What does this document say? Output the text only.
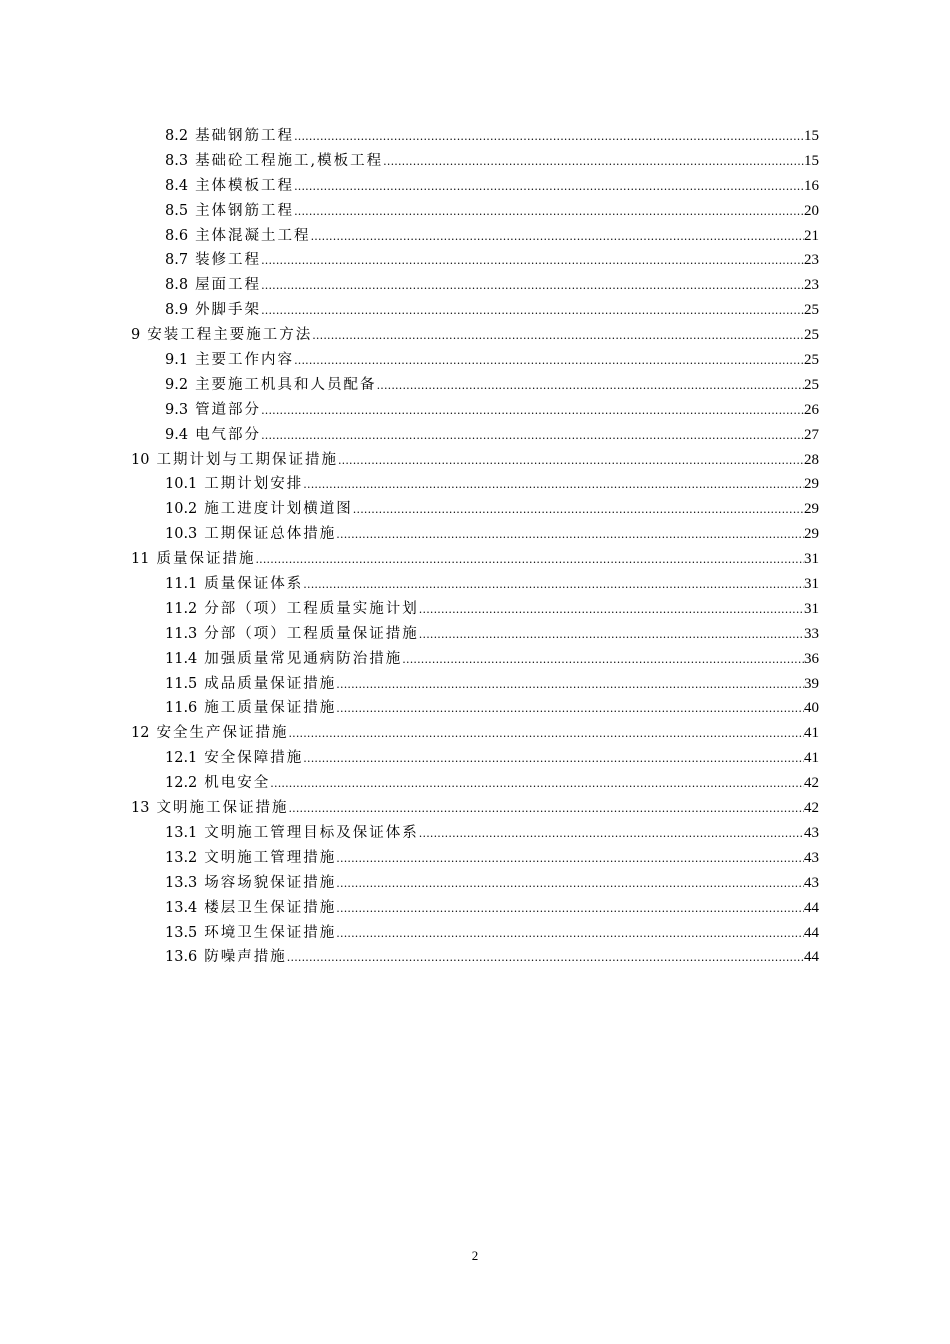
8.2 基础钢筋工程 .....	15
8.3 基础砼工程施工,模板工程 .....	15
8.4 主体模板工程 .....	16
8.5 主体钢筋工程 .....	20
8.6 主体混凝土工程 .....	21
8.7 装修工程 .....	23
8.8 屋面工程 .....	23
8.9 外脚手架 .....	25
9 安装工程主要施工方法 .....	25
9.1 主要工作内容 .....	25
9.2 主要施工机具和人员配备 .....	25
9.3 管道部分 .....	26
9.4 电气部分 .....	27
10 工期计划与工期保证措施 .....	28
10.1 工期计划安排 .....	29
10.2 施工进度计划横道图 .....	29
10.3 工期保证总体措施 .....	29
11 质量保证措施 .....	31
11.1 质量保证体系 .....	31
11.2 分部（项）工程质量实施计划 .....	31
11.3 分部（项）工程质量保证措施 .....	33
11.4 加强质量常见通病防治措施 .....	36
11.5 成品质量保证措施 .....	39
11.6 施工质量保证措施 .....	40
12 安全生产保证措施 .....	41
12.1 安全保障措施 .....	41
12.2 机电安全 .....	42
13 文明施工保证措施 .....	42
13.1 文明施工管理目标及保证体系 .....	43
13.2 文明施工管理措施 .....	43
13.3 场容场貌保证措施 .....	43
13.4 楼层卫生保证措施 .....	44
13.5 环境卫生保证措施 .....	44
13.6 防噪声措施 .....	44
2
